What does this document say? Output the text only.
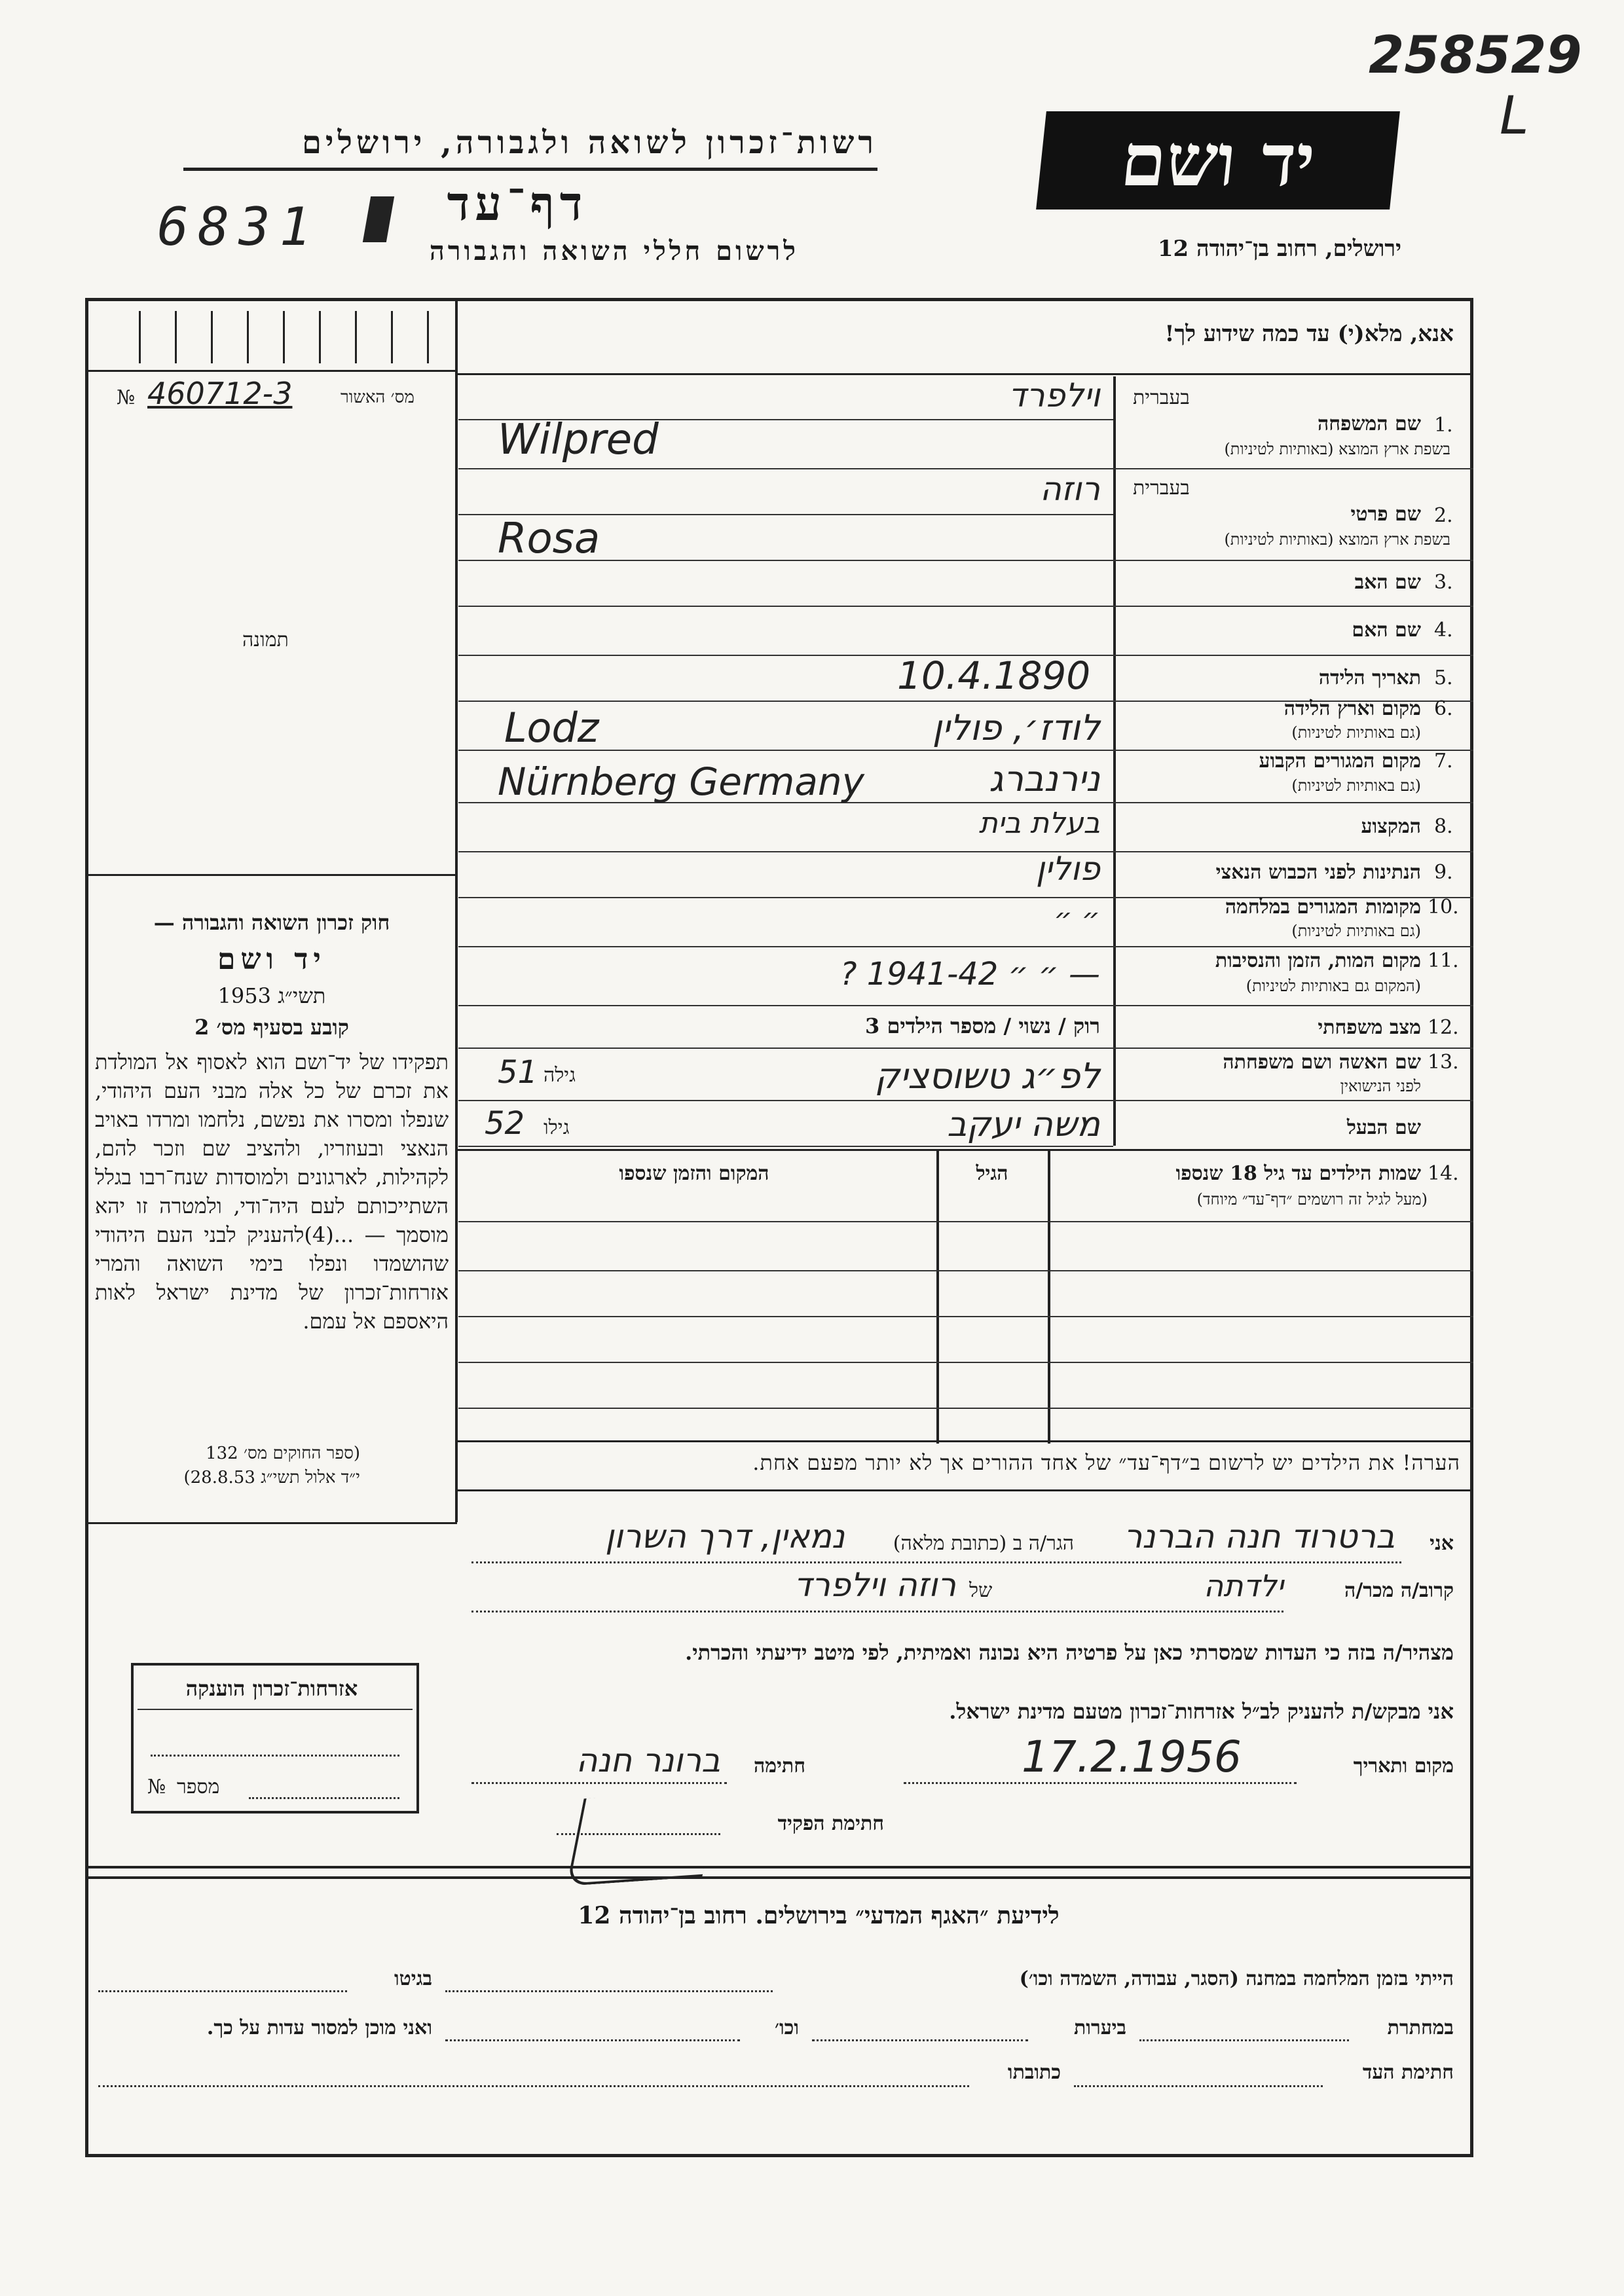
258529
L
רשות־זכרון לשואה ולגבורה, ירושלים
דף־עד
6831	לרשום חללי השואה והגבורה
יד ושם
ירושלים, רחוב בן־יהודה 12
אנא, מלא(י) עד כמה שידוע לך!
מס׳ האשור
460712-3
№
תמונה
חוק זכרון השואה והגבורה —
יד ושם
תשי״ג 1953
קובע בסעיף מס׳ 2
תפקידו של יד־ושם הוא לאסוף אל המולדת את זכרם של כל אלה מבני העם היהודי, שנפלו ומסרו את נפשם, נלחמו ומרדו באויב הנאצי ובעוזריו, ולהציב שם וזכר להם, לקהילות, לארגונים ולמוסדות שנח־רבו בגלל השתייכותם לעם היה־ודי, ולמטרה זו יהא מוסמך — ...(4)להעניק לבני העם היהודי שהושמדו ונפלו בימי השואה והמרי אזרחות־זכרון של מדינת ישראל לאות היאספם אל עמם.
(ספר החוקים מס׳ 132
י״ד אלול תשי״ג 28.8.53)
בעברית
שם המשפחה 1.
בשפת ארץ המוצא (באותיות לטיניות)
וילפרד
Wilpred
בעברית
שם פרטי 2.
בשפת ארץ המוצא (באותיות לטיניות)
רוזה
Rosa
שם האב 3.
שם האם 4.
תאריך הלידה 5.
10.4.1890
מקום וארץ הלידה 6.
(גם באותיות לטיניות)
Lodz	לודז׳, פולין
מקום המגורים הקבוע 7.
(גם באותיות לטיניות)
Nürnberg Germany	נירנברג
המקצוע 8.
בעלת בית
הנתינות לפני הכבוש הנאצי 9.
פולין
מקומות המגורים במלחמה 10.
(גם באותיות לטיניות)
״ ״
מקום המות, הזמן והנסיבות 11.
(המקום גם באותיות לטיניות)
— ״ ״ 1941-42 ?
מצב משפחתי 12.
רוק / נשוי / מספר הילדים 3
שם האשה ושם משפחתה 13.
לפני הנישואין
לפ״ג טשוסציק
גילה
51
שם הבעל
משה יעקב
גילו
52
שמות הילדים עד גיל 18 שנספו 14.
(מעל לגיל זה רושמים ״דף־עד״ מיוחד)
הגיל
המקום והזמן שנספו
הערה! את הילדים יש לרשום ב״דף־עד״ של אחד ההורים אך לא יותר מפעם אחת.
אני
ברטרוד חנה הברנר
הגר/ה ב (כתובת מלאה)
נמאין, דרך השרון
קרוב/ה מכר/ה
ילדתה
של
רוזה וילפרד
מצהיר/ה בזה כי העדות שמסרתי כאן על פרטיה היא נכונה ואמיתית, לפי מיטב ידיעתי והכרתי.
אני מבקש/ת להעניק לב״ל אזרחות־זכרון מטעם מדינת ישראל.
מקום ותאריך
17.2.1956
חתימה
ברונר חנה
חתימת הפקיד
אזרחות־זכרון הוענקה
מספר
№
לידיעת ״האגף המדעי״ בירושלים. רחוב בן־יהודה 12
הייתי בזמן המלחמה במחנה (הסגר, עבודה, השמדה וכו׳)
בגיטו
במחתרת
ביערות
וכו׳
ואני מוכן למסור עדות על כך.
חתימת העד
כתובתו
